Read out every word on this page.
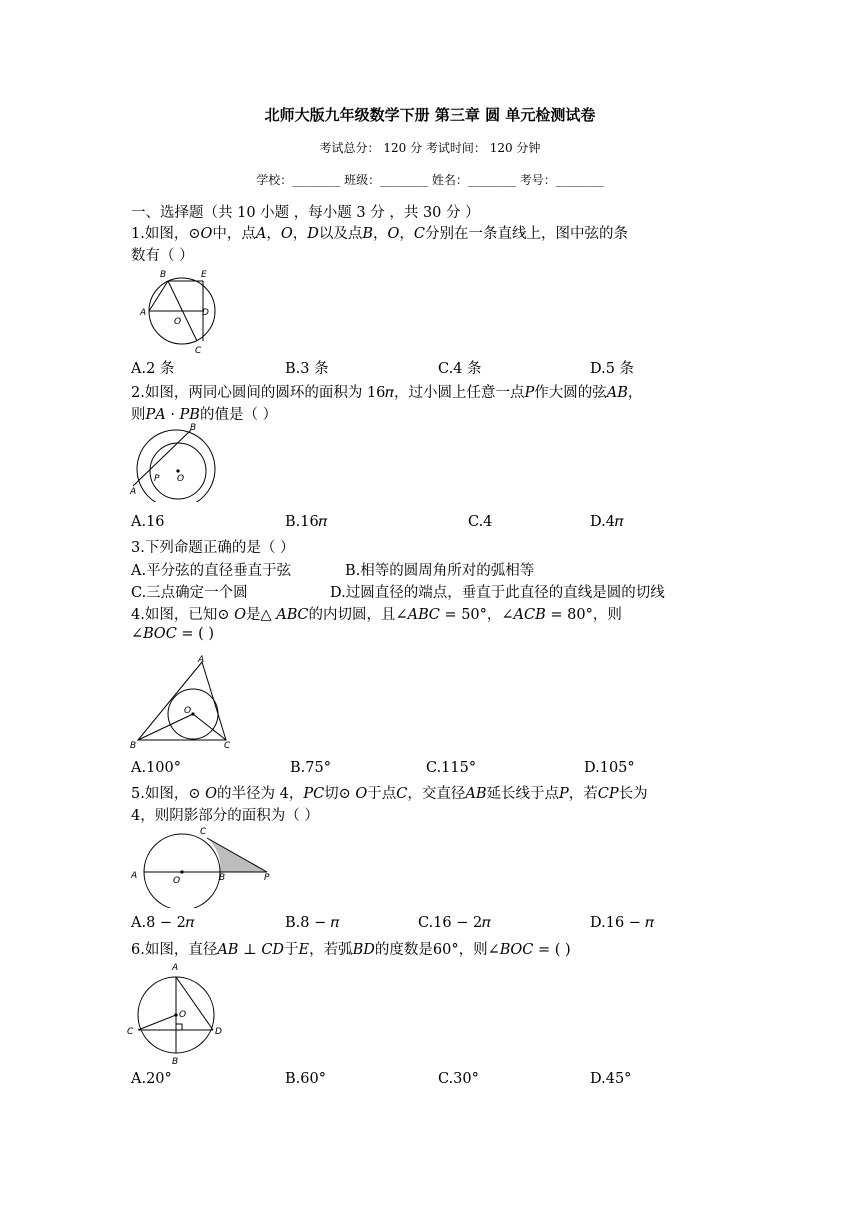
北师大版九年级数学下册 第三章 圆 单元检测试卷
考试总分： 120 分 考试时间： 120 分钟
学校：________ 班级：________ 姓名：________ 考号：________
一、选择题（共 10 小题 ，每小题 3 分 ，共 30 分 ）
1.如图，⊙𝑂中，点𝐴，𝑂，𝐷以及点𝐵，𝑂，𝐶分别在一条直线上，图中弦的条
数有（ ）
A
B	E
O
D
C
A.2 条	B.3 条	C.4 条	D.5 条
2.如图，两同心圆间的圆环的面积为 16𝜋，过小圆上任意一点𝑃作大圆的弦𝐴𝐵，
则𝑃𝐴 · 𝑃𝐵的值是（ ）
B
A
P O
A.16	B.16𝜋	C.4	D.4𝜋
3.下列命题正确的是（ ）
A.平分弦的直径垂直于弦	B.相等的圆周角所对的弧相等
C.三点确定一个圆	D.过圆直径的端点，垂直于此直径的直线是圆的切线
4.如图，已知⊙ 𝑂是△ 𝐴𝐵𝐶的内切圆，且∠𝐴𝐵𝐶 = 50°，∠𝐴𝐶𝐵 = 80°，则
∠𝐵𝑂𝐶 = ( )
A
O
B	C
A.100°	B.75°	C.115°	D.105°
5.如图，⊙ 𝑂的半径为 4，𝑃𝐶切⊙ 𝑂于点𝐶，交直径𝐴𝐵延长线于点𝑃，若𝐶𝑃长为
4，则阴影部分的面积为（ ）
C
A	O	B	P
A.8 − 2𝜋	B.8 − 𝜋	C.16 − 2𝜋	D.16 − 𝜋
6.如图，直径𝐴𝐵 ⊥ 𝐶𝐷于𝐸，若弧𝐵𝐷的度数是60°，则∠𝐵𝑂𝐶 = ( )
A
O
C	D
B
A.20°	B.60°	C.30°	D.45°
